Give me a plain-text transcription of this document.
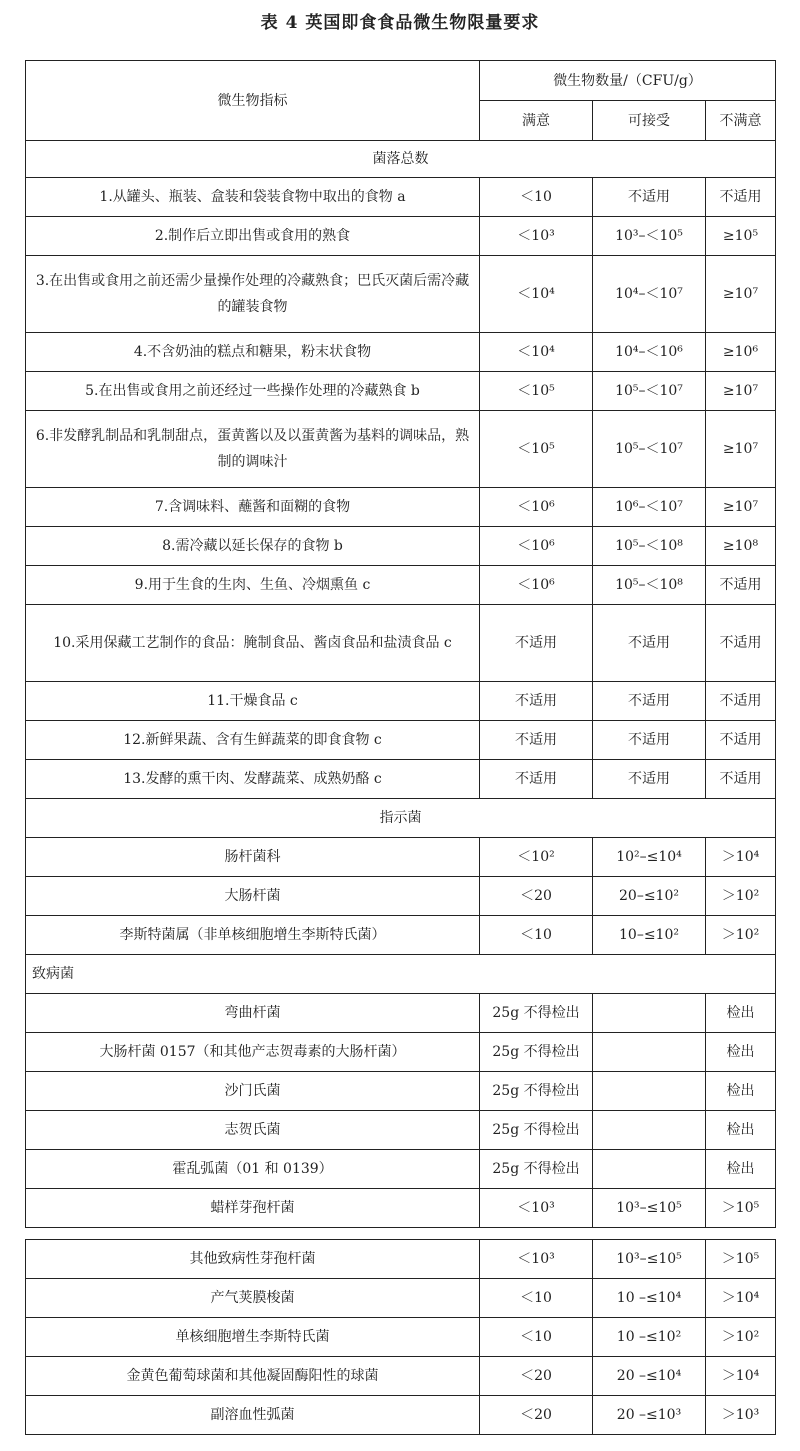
表 4 英国即食食品微生物限量要求
微生物指标	微生物数量/（CFU/g）		
	满意	可接受	不满意
菌落总数			
1.从罐头、瓶装、盒装和袋装食物中取出的食物 a	＜10	不适用	不适用
2.制作后立即出售或食用的熟食	＜10³	10³–＜10⁵	≥10⁵
3.在出售或食用之前还需少量操作处理的冷藏熟食；巴氏灭菌后需冷藏的罐装食物	＜10⁴	10⁴–＜10⁷	≥10⁷
4.不含奶油的糕点和糖果，粉末状食物	＜10⁴	10⁴–＜10⁶	≥10⁶
5.在出售或食用之前还经过一些操作处理的冷藏熟食 b	＜10⁵	10⁵–＜10⁷	≥10⁷
6.非发酵乳制品和乳制甜点，蛋黄酱以及以蛋黄酱为基料的调味品，熟制的调味汁	＜10⁵	10⁵–＜10⁷	≥10⁷
7.含调味料、蘸酱和面糊的食物	＜10⁶	10⁶–＜10⁷	≥10⁷
8.需冷藏以延长保存的食物 b	＜10⁶	10⁵–＜10⁸	≥10⁸
9.用于生食的生肉、生鱼、冷烟熏鱼 c	＜10⁶	10⁵–＜10⁸	不适用
10.采用保藏工艺制作的食品：腌制食品、酱卤食品和盐渍食品 c	不适用	不适用	不适用
11.干燥食品 c	不适用	不适用	不适用
12.新鲜果蔬、含有生鲜蔬菜的即食食物 c	不适用	不适用	不适用
13.发酵的熏干肉、发酵蔬菜、成熟奶酪 c	不适用	不适用	不适用
指示菌			
肠杆菌科	＜10²	10²–≤10⁴	＞10⁴
大肠杆菌	＜20	20–≤10²	＞10²
李斯特菌属（非单核细胞增生李斯特氏菌）	＜10	10–≤10²	＞10²
致病菌			
弯曲杆菌	25g 不得检出		检出
大肠杆菌 0157（和其他产志贺毒素的大肠杆菌）	25g 不得检出		检出
沙门氏菌	25g 不得检出		检出
志贺氏菌	25g 不得检出		检出
霍乱弧菌（01 和 0139）	25g 不得检出		检出
蜡样芽孢杆菌	＜10³	10³–≤10⁵	＞10⁵
其他致病性芽孢杆菌	＜10³	10³–≤10⁵	＞10⁵
产气荚膜梭菌	＜10	10 –≤10⁴	＞10⁴
单核细胞增生李斯特氏菌	＜10	10 –≤10²	＞10²
金黄色葡萄球菌和其他凝固酶阳性的球菌	＜20	20 –≤10⁴	＞10⁴
副溶血性弧菌	＜20	20 –≤10³	＞10³
